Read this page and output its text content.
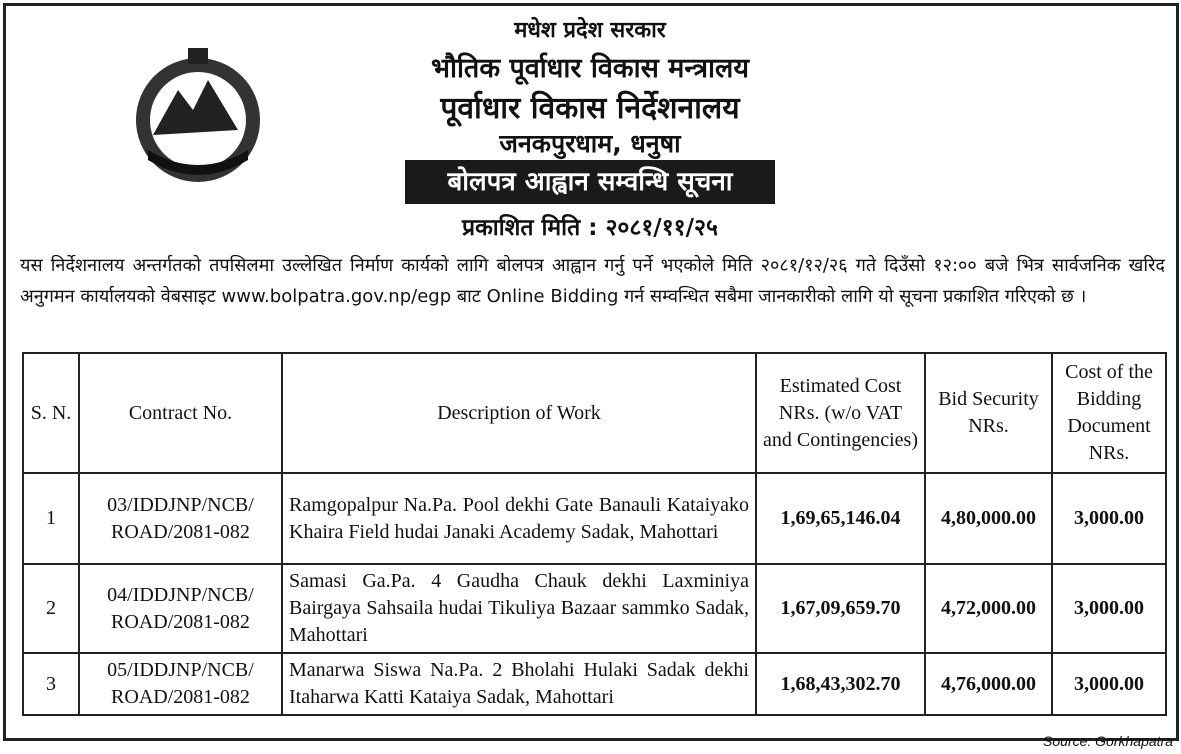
मधेश प्रदेश सरकार
भौतिक पूर्वाधार विकास मन्त्रालय
पूर्वाधार विकास निर्देशनालय
जनकपुरधाम, धनुषा
बोलपत्र आह्वान सम्वन्धि सूचना
प्रकाशित मिति : २०८१/११/२५
यस निर्देशनालय अन्तर्गतको तपसिलमा उल्लेखित निर्माण कार्यको लागि बोलपत्र आह्वान गर्नु पर्ने भएकोले मिति २०८१/१२/२६ गते दिउँसो १२:०० बजे भित्र सार्वजनिक खरिद अनुगमन कार्यालयको वेबसाइट www.bolpatra.gov.np/egp बाट Online Bidding गर्न सम्वन्धित सबैमा जानकारीको लागि यो सूचना प्रकाशित गरिएको छ ।
S. N.	Contract No.	Description of Work	Estimated Cost NRs. (w/o VAT and Contingencies)	Bid Security NRs.	Cost of the Bidding Document NRs.
1	03/IDDJNP/NCB/ ROAD/2081-082	Ramgopalpur Na.Pa. Pool dekhi Gate Banauli Kataiyako Khaira Field hudai Janaki Academy Sadak, Mahottari	1,69,65,146.04	4,80,000.00	3,000.00
2	04/IDDJNP/NCB/ ROAD/2081-082	Samasi Ga.Pa. 4 Gaudha Chauk dekhi Laxminiya Bairgaya Sahsaila hudai Tikuliya Bazaar sammko Sadak, Mahottari	1,67,09,659.70	4,72,000.00	3,000.00
3	05/IDDJNP/NCB/ ROAD/2081-082	Manarwa Siswa Na.Pa. 2 Bholahi Hulaki Sadak dekhi Itaharwa Katti Kataiya Sadak, Mahottari	1,68,43,302.70	4,76,000.00	3,000.00
Source: Gorkhapatra
